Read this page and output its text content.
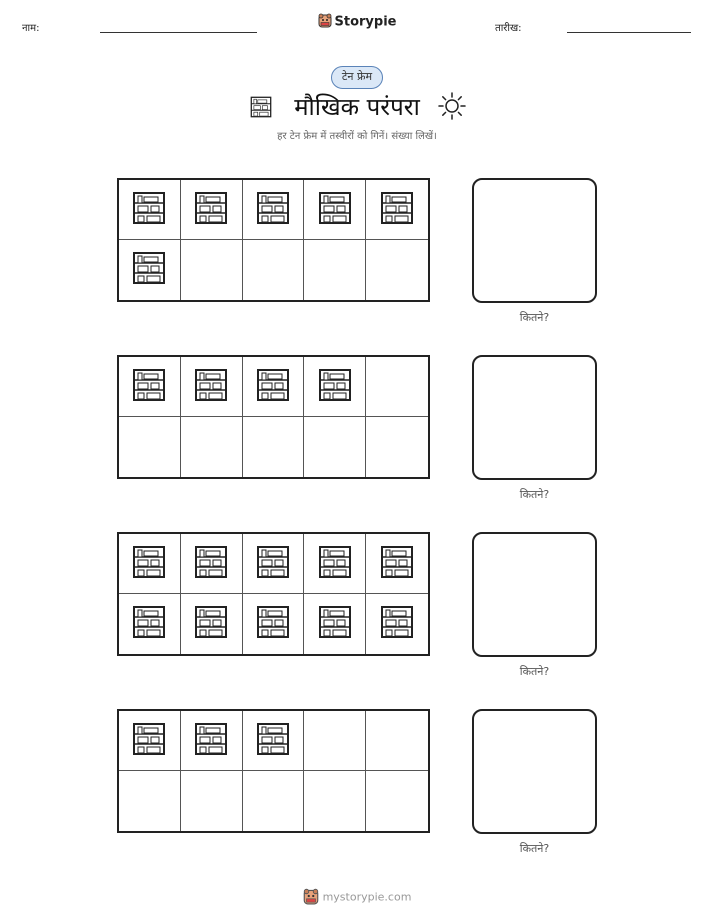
नाम:	Storypie	तारीख:
टेन फ्रेम
मौखिक परंपरा
हर टेन फ्रेम में तस्वीरों को गिनें। संख्या लिखें।
कितने?
कितने?
कितने?
कितने?
mystorypie.com
